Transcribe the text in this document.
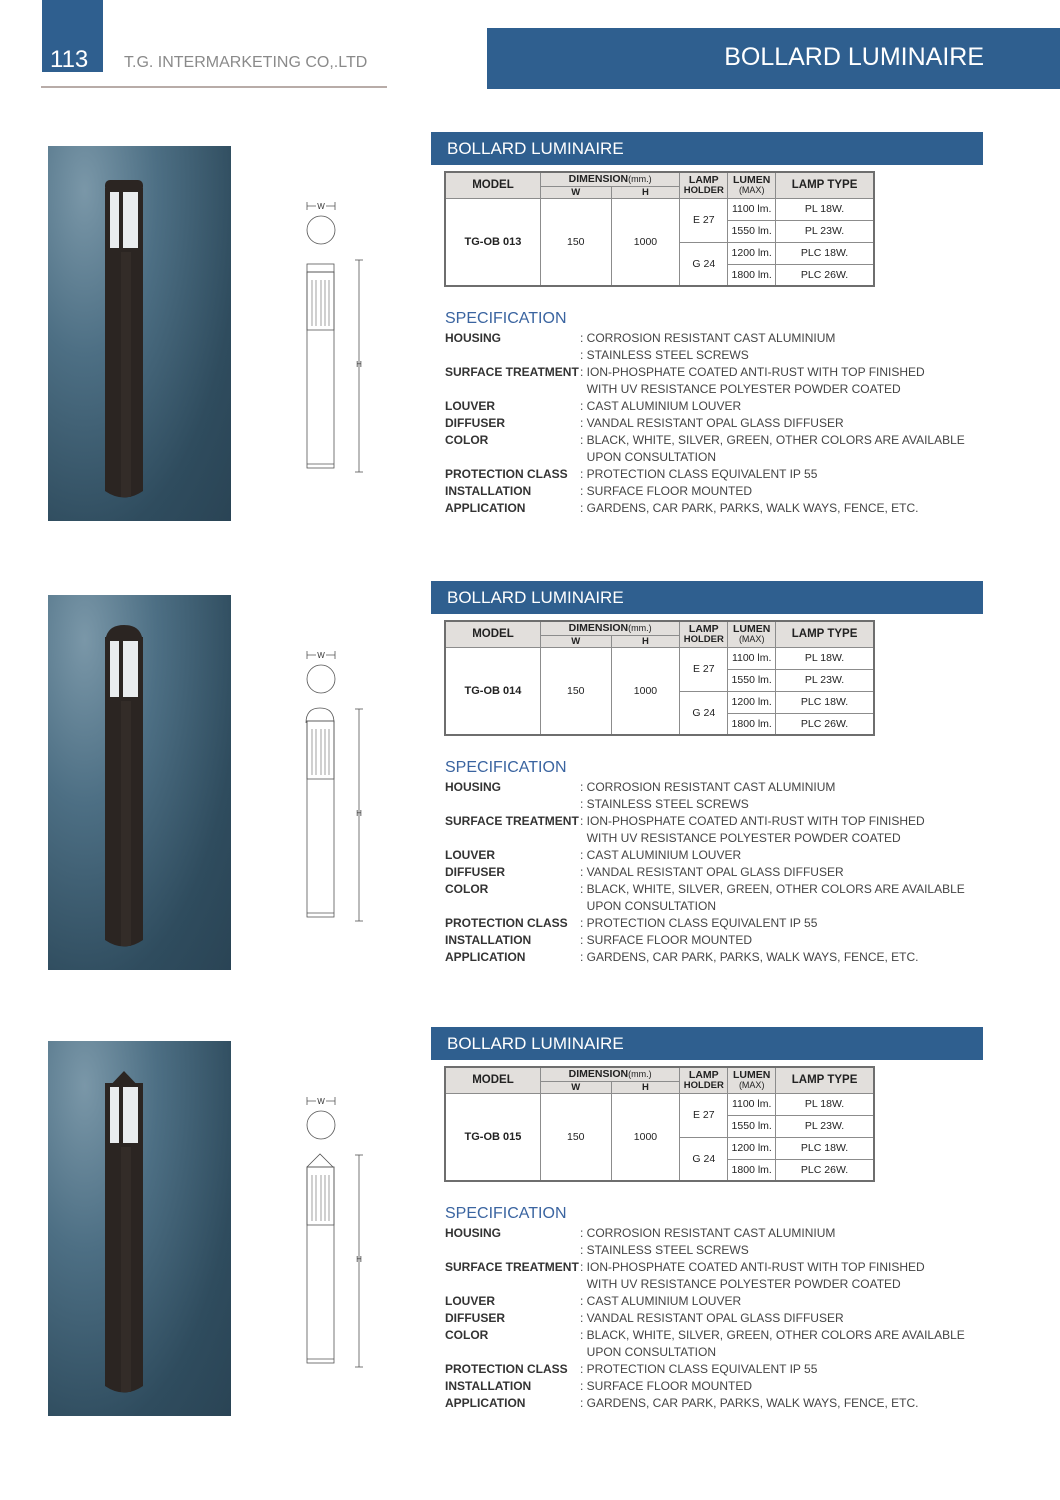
113 T.G. INTERMARKETING CO,.LTD	BOLLARD LUMINAIRE
W
H
BOLLARD LUMINAIRE
MODEL	DIMENSION(mm.)		LAMP
HOLDER	LUMEN
(MAX)	LAMP TYPE
	W	H			
TG-OB 013	150	1000	E 27	1100 lm.	PL 18W.
				1550 lm.	PL 23W.
			G 24	1200 lm.	PLC 18W.
				1800 lm.	PLC 26W.
SPECIFICATION
HOUSING	: CORROSION RESISTANT CAST ALUMINIUM
: STAINLESS STEEL SCREWS
SURFACE TREATMENT : ION-PHOSPHATE COATED ANTI-RUST WITH TOP FINISHED
WITH UV RESISTANCE POLYESTER POWDER COATED
LOUVER	: CAST ALUMINIUM LOUVER
DIFFUSER	: VANDAL RESISTANT OPAL GLASS DIFFUSER
COLOR	: BLACK, WHITE, SILVER, GREEN, OTHER COLORS ARE AVAILABLE
UPON CONSULTATION
PROTECTION CLASS	: PROTECTION CLASS EQUIVALENT IP 55
INSTALLATION	: SURFACE FLOOR MOUNTED
APPLICATION	: GARDENS, CAR PARK, PARKS, WALK WAYS, FENCE, ETC.
W
H
BOLLARD LUMINAIRE
MODEL	DIMENSION(mm.)		LAMP
HOLDER	LUMEN
(MAX)	LAMP TYPE
	W	H			
TG-OB 014	150	1000	E 27	1100 lm.	PL 18W.
				1550 lm.	PL 23W.
			G 24	1200 lm.	PLC 18W.
				1800 lm.	PLC 26W.
SPECIFICATION
HOUSING	: CORROSION RESISTANT CAST ALUMINIUM
: STAINLESS STEEL SCREWS
SURFACE TREATMENT : ION-PHOSPHATE COATED ANTI-RUST WITH TOP FINISHED
WITH UV RESISTANCE POLYESTER POWDER COATED
LOUVER	: CAST ALUMINIUM LOUVER
DIFFUSER	: VANDAL RESISTANT OPAL GLASS DIFFUSER
COLOR	: BLACK, WHITE, SILVER, GREEN, OTHER COLORS ARE AVAILABLE
UPON CONSULTATION
PROTECTION CLASS	: PROTECTION CLASS EQUIVALENT IP 55
INSTALLATION	: SURFACE FLOOR MOUNTED
APPLICATION	: GARDENS, CAR PARK, PARKS, WALK WAYS, FENCE, ETC.
W
H
BOLLARD LUMINAIRE
MODEL	DIMENSION(mm.)		LAMP
HOLDER	LUMEN
(MAX)	LAMP TYPE
	W	H			
TG-OB 015	150	1000	E 27	1100 lm.	PL 18W.
				1550 lm.	PL 23W.
			G 24	1200 lm.	PLC 18W.
				1800 lm.	PLC 26W.
SPECIFICATION
HOUSING	: CORROSION RESISTANT CAST ALUMINIUM
: STAINLESS STEEL SCREWS
SURFACE TREATMENT : ION-PHOSPHATE COATED ANTI-RUST WITH TOP FINISHED
WITH UV RESISTANCE POLYESTER POWDER COATED
LOUVER	: CAST ALUMINIUM LOUVER
DIFFUSER	: VANDAL RESISTANT OPAL GLASS DIFFUSER
COLOR	: BLACK, WHITE, SILVER, GREEN, OTHER COLORS ARE AVAILABLE
UPON CONSULTATION
PROTECTION CLASS	: PROTECTION CLASS EQUIVALENT IP 55
INSTALLATION	: SURFACE FLOOR MOUNTED
APPLICATION	: GARDENS, CAR PARK, PARKS, WALK WAYS, FENCE, ETC.
